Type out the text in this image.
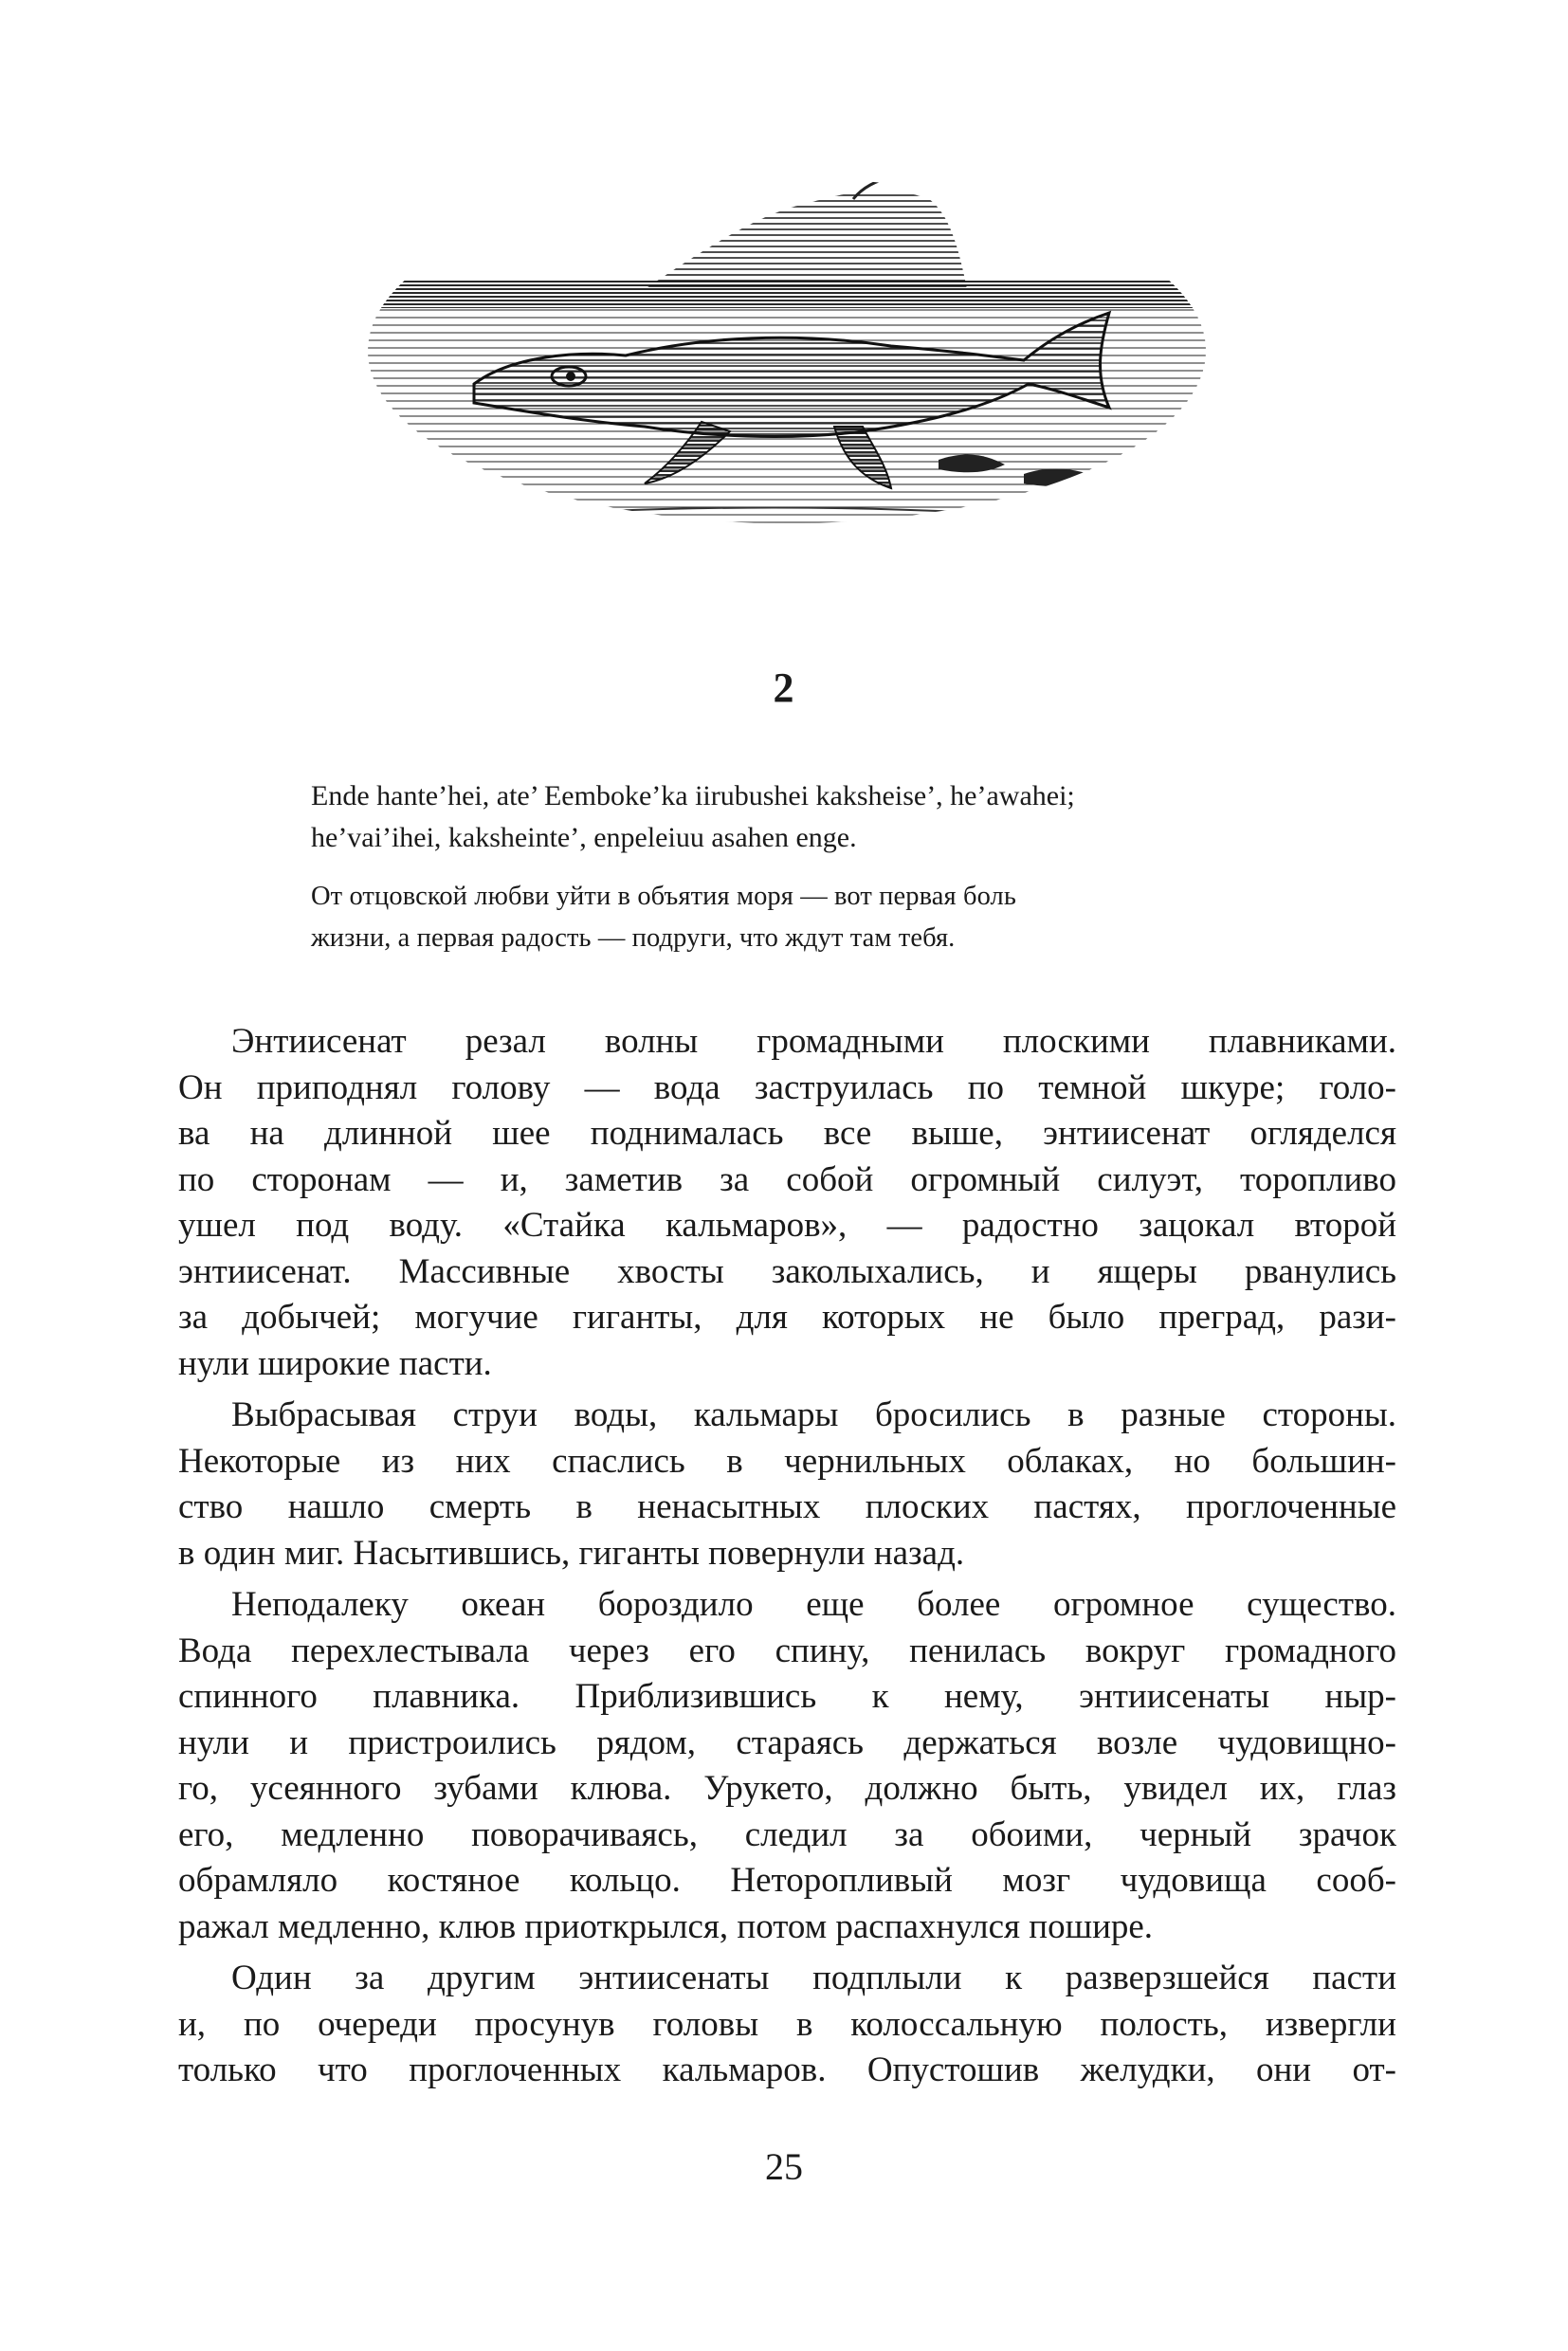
2

Ende hante’hei, ate’ Eemboke’ka iirubushei kaksheise’, he’awahei;

he’vai’ihei, kaksheinte’, enpeleiuu asahen enge.

От отцовской любви уйти в объятия моря — вот первая боль

жизни, а первая радость — подруги, что ждут там тебя.

Энтиисенат резал волны громадными плоскими плавниками.
Он приподнял голову — вода заструилась по темной шкуре; голо-
ва на длинной шее поднималась все выше, энтиисенат огляделся
по сторонам — и, заметив за собой огромный силуэт, торопливо
ушел под воду. «Стайка кальмаров», — радостно зацокал второй
энтиисенат. Массивные хвосты заколыхались, и ящеры рванулись
за добычей; могучие гиганты, для которых не было преград, рази-
нули широкие пасти.
Выбрасывая струи воды, кальмары бросились в разные стороны.
Некоторые из них спаслись в чернильных облаках, но большин-
ство нашло смерть в ненасытных плоских пастях, проглоченные
в один миг. Насытившись, гиганты повернули назад.
Неподалеку океан бороздило еще более огромное существо.
Вода перехлестывала через его спину, пенилась вокруг громадного
спинного плавника. Приблизившись к нему, энтиисенаты ныр-
нули и пристроились рядом, стараясь держаться возле чудовищно-
го, усеянного зубами клюва. Урукето, должно быть, увидел их, глаз
его, медленно поворачиваясь, следил за обоими, черный зрачок
обрамляло костяное кольцо. Неторопливый мозг чудовища сооб-
ражал медленно, клюв приоткрылся, потом распахнулся пошире.
Один за другим энтиисенаты подплыли к разверзшейся пасти
и, по очереди просунув головы в колоссальную полость, извергли
только что проглоченных кальмаров. Опустошив желудки, они от-
25
